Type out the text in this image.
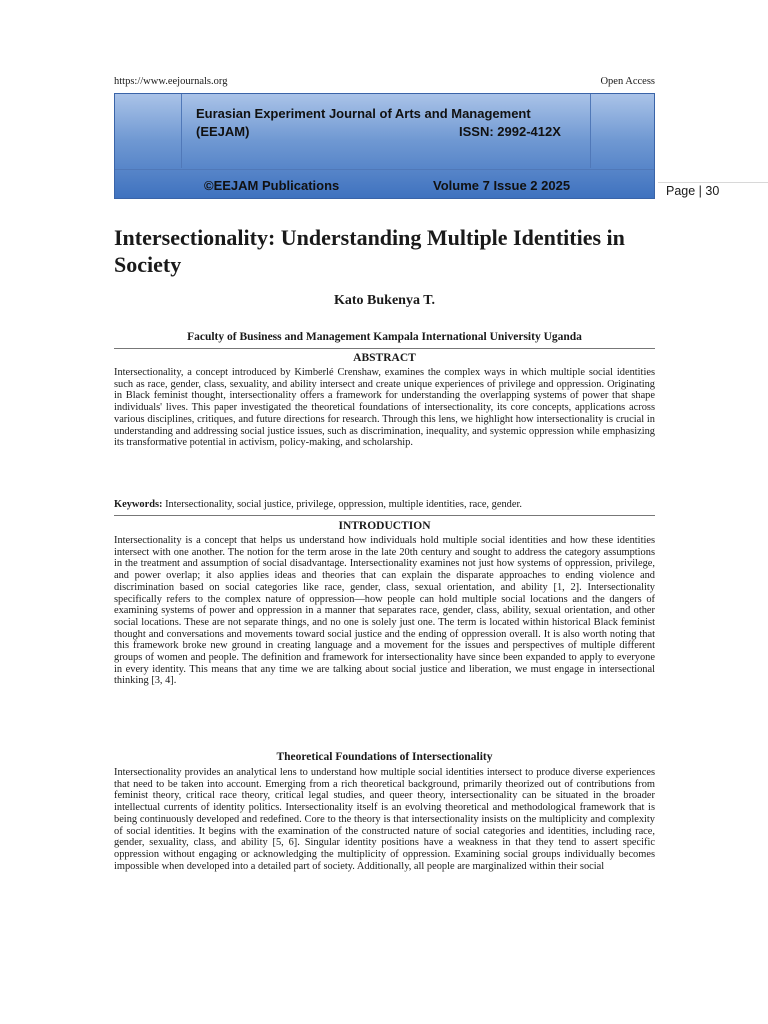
https://www.eejournals.org	Open Access
Eurasian Experiment Journal of Arts and Management
(EEJAM)	ISSN: 2992-412X
©EEJAM Publications	Volume 7 Issue 2 2025	Page | 30
Intersectionality: Understanding Multiple Identities in Society
Kato Bukenya T.
Faculty of Business and Management Kampala International University Uganda
ABSTRACT

Intersectionality, a concept introduced by Kimberlé Crenshaw, examines the complex ways in which multiple social identities such as race, gender, class, sexuality, and ability intersect and create unique experiences of privilege and oppression. Originating in Black feminist thought, intersectionality offers a framework for understanding the overlapping systems of power that shape individuals' lives. This paper investigated the theoretical foundations of intersectionality, its core concepts, applications across various disciplines, critiques, and future directions for research. Through this lens, we highlight how intersectionality is crucial in understanding and addressing social justice issues, such as discrimination, inequality, and systemic oppression while emphasizing its transformative potential in activism, policy-making, and scholarship.

Keywords: Intersectionality, social justice, privilege, oppression, multiple identities, race, gender.
INTRODUCTION

Intersectionality is a concept that helps us understand how individuals hold multiple social identities and how these identities intersect with one another. The notion for the term arose in the late 20th century and sought to address the category assumptions in the treatment and assumption of social disadvantage. Intersectionality examines not just how systems of oppression, privilege, and power overlap; it also applies ideas and theories that can explain the disparate approaches to ending violence and discrimination based on social categories like race, gender, class, sexual orientation, and ability [1, 2]. Intersectionality specifically refers to the complex nature of oppression—how people can hold multiple social locations and the dangers of examining systems of power and oppression in a manner that separates race, gender, class, ability, sexual orientation, and other social locations. These are not separate things, and no one is solely just one. The term is located within historical Black feminist thought and conversations and movements toward social justice and the ending of oppression overall. It is also worth noting that this framework broke new ground in creating language and a movement for the issues and perspectives of multiple different groups of women and people. The definition and framework for intersectionality have since been expanded to apply to everyone in every identity. This means that any time we are talking about social justice and liberation, we must engage in intersectional thinking [3, 4].

Theoretical Foundations of Intersectionality

Intersectionality provides an analytical lens to understand how multiple social identities intersect to produce diverse experiences that need to be taken into account. Emerging from a rich theoretical background, primarily theorized out of contributions from feminist theory, critical race theory, critical legal studies, and queer theory, intersectionality can be situated in the broader intellectual currents of identity politics. Intersectionality itself is an evolving theoretical and methodological framework that is being continuously developed and redefined. Core to the theory is that intersectionality insists on the multiplicity and complexity of social identities. It begins with the examination of the constructed nature of social categories and identities, including race, gender, sexuality, class, and ability [5, 6]. Singular identity positions have a weakness in that they tend to assert specific oppression without engaging or acknowledging the multiplicity of oppression. Examining social groups individually becomes impossible when developed into a detailed part of society. Additionally, all people are marginalized within their social
